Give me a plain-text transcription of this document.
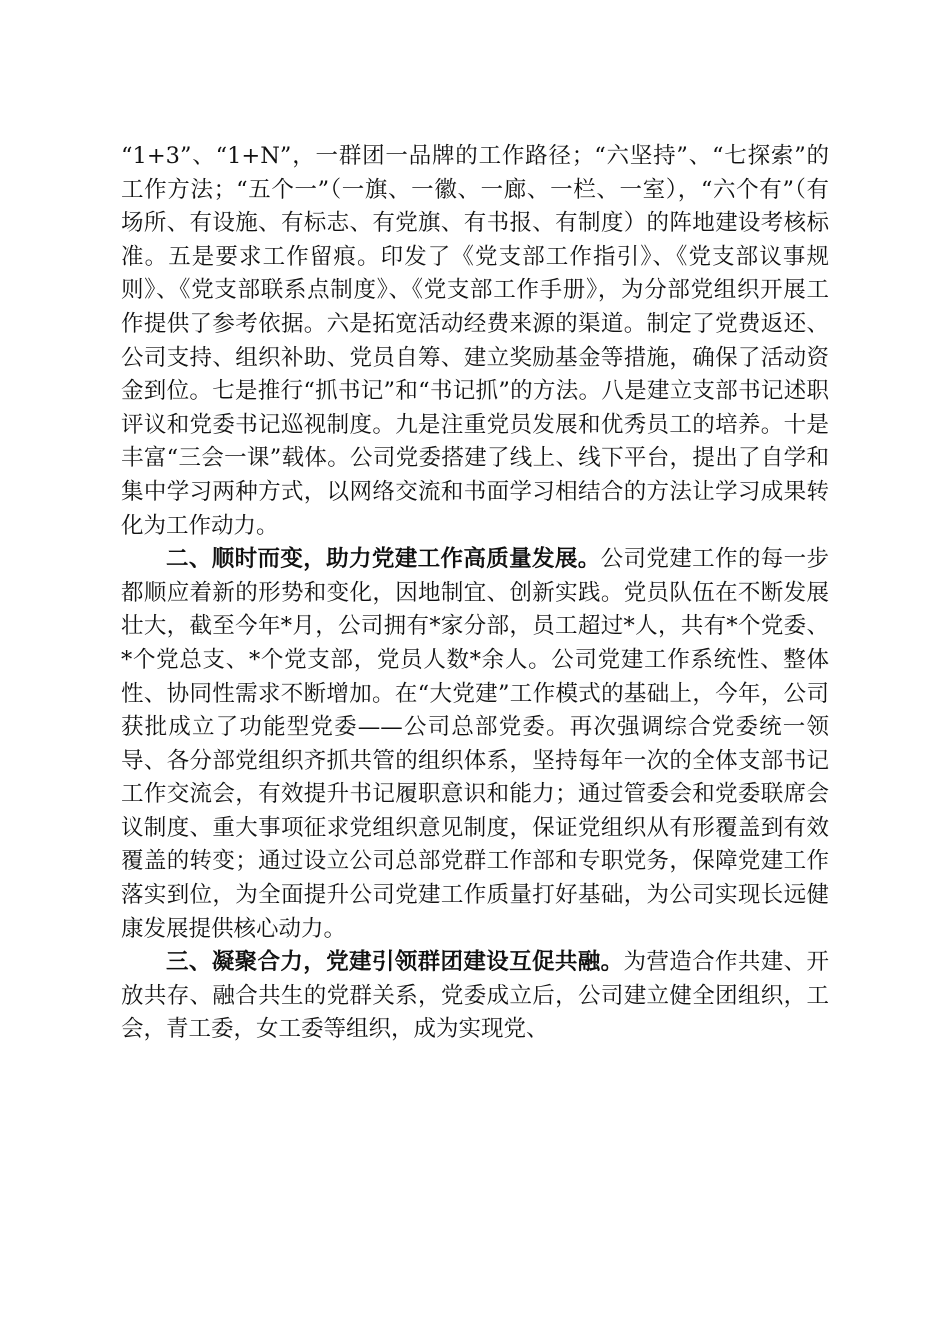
“1+3”、“1+N”，一群团一品牌的工作路径；“六坚持”、“七探索”的工作方法；“五个一”（一旗、一徽、一廊、一栏、一室），“六个有”（有场所、有设施、有标志、有党旗、有书报、有制度）的阵地建设考核标准。五是要求工作留痕。印发了《党支部工作指引》、《党支部议事规则》、《党支部联系点制度》、《党支部工作手册》，为分部党组织开展工作提供了参考依据。六是拓宽活动经费来源的渠道。制定了党费返还、公司支持、组织补助、党员自筹、建立奖励基金等措施，确保了活动资金到位。七是推行“抓书记”和“书记抓”的方法。八是建立支部书记述职评议和党委书记巡视制度。九是注重党员发展和优秀员工的培养。十是丰富“三会一课”载体。公司党委搭建了线上、线下平台，提出了自学和集中学习两种方式，以网络交流和书面学习相结合的方法让学习成果转化为工作动力。

二、顺时而变，助力党建工作高质量发展。公司党建工作的每一步都顺应着新的形势和变化，因地制宜、创新实践。党员队伍在不断发展壮大，截至今年*月，公司拥有*家分部，员工超过*人，共有*个党委、*个党总支、*个党支部，党员人数*余人。公司党建工作系统性、整体性、协同性需求不断增加。在“大党建”工作模式的基础上，今年，公司获批成立了功能型党委——公司总部党委。再次强调综合党委统一领导、各分部党组织齐抓共管的组织体系，坚持每年一次的全体支部书记工作交流会，有效提升书记履职意识和能力；通过管委会和党委联席会议制度、重大事项征求党组织意见制度，保证党组织从有形覆盖到有效覆盖的转变；通过设立公司总部党群工作部和专职党务，保障党建工作落实到位，为全面提升公司党建工作质量打好基础，为公司实现长远健康发展提供核心动力。

三、凝聚合力，党建引领群团建设互促共融。为营造合作共建、开放共存、融合共生的党群关系，党委成立后，公司建立健全团组织，工会，青工委，女工委等组织，成为实现党、
